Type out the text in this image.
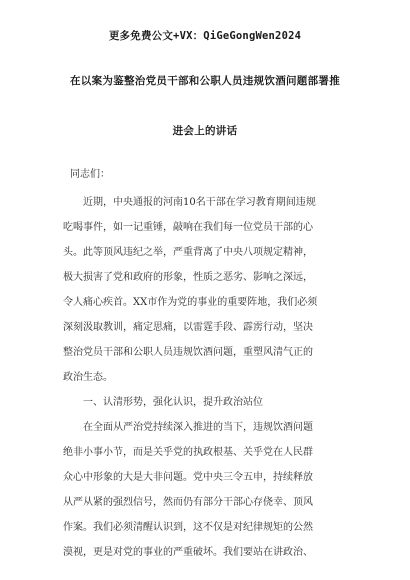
更多免费公文+VX：QiGeGongWen2024
在以案为鉴整治党员干部和公职人员违规饮酒问题部署推
进会上的讲话
同志们：
　　近期，中央通报的河南10名干部在学习教育期间违规
吃喝事件，如一记重锤，敲响在我们每一位党员干部的心
头。此等顶风违纪之举，严重背离了中央八项规定精神，
极大损害了党和政府的形象，性质之恶劣、影响之深远，
令人痛心疾首。XX市作为党的事业的重要阵地，我们必须
深刻汲取教训，痛定思痛，以雷霆手段、霹雳行动，坚决
整治党员干部和公职人员违规饮酒问题，重塑风清气正的
政治生态。
　　一、认清形势，强化认识，提升政治站位
　　在全面从严治党持续深入推进的当下，违规饮酒问题
绝非小事小节，而是关乎党的执政根基、关乎党在人民群
众心中形象的大是大非问题。党中央三令五申，持续释放
从严从紧的强烈信号，然而仍有部分干部心存侥幸、顶风
作案。我们必须清醒认识到，这不仅是对纪律规矩的公然
漠视，更是对党的事业的严重破坏。我们要站在讲政治、
